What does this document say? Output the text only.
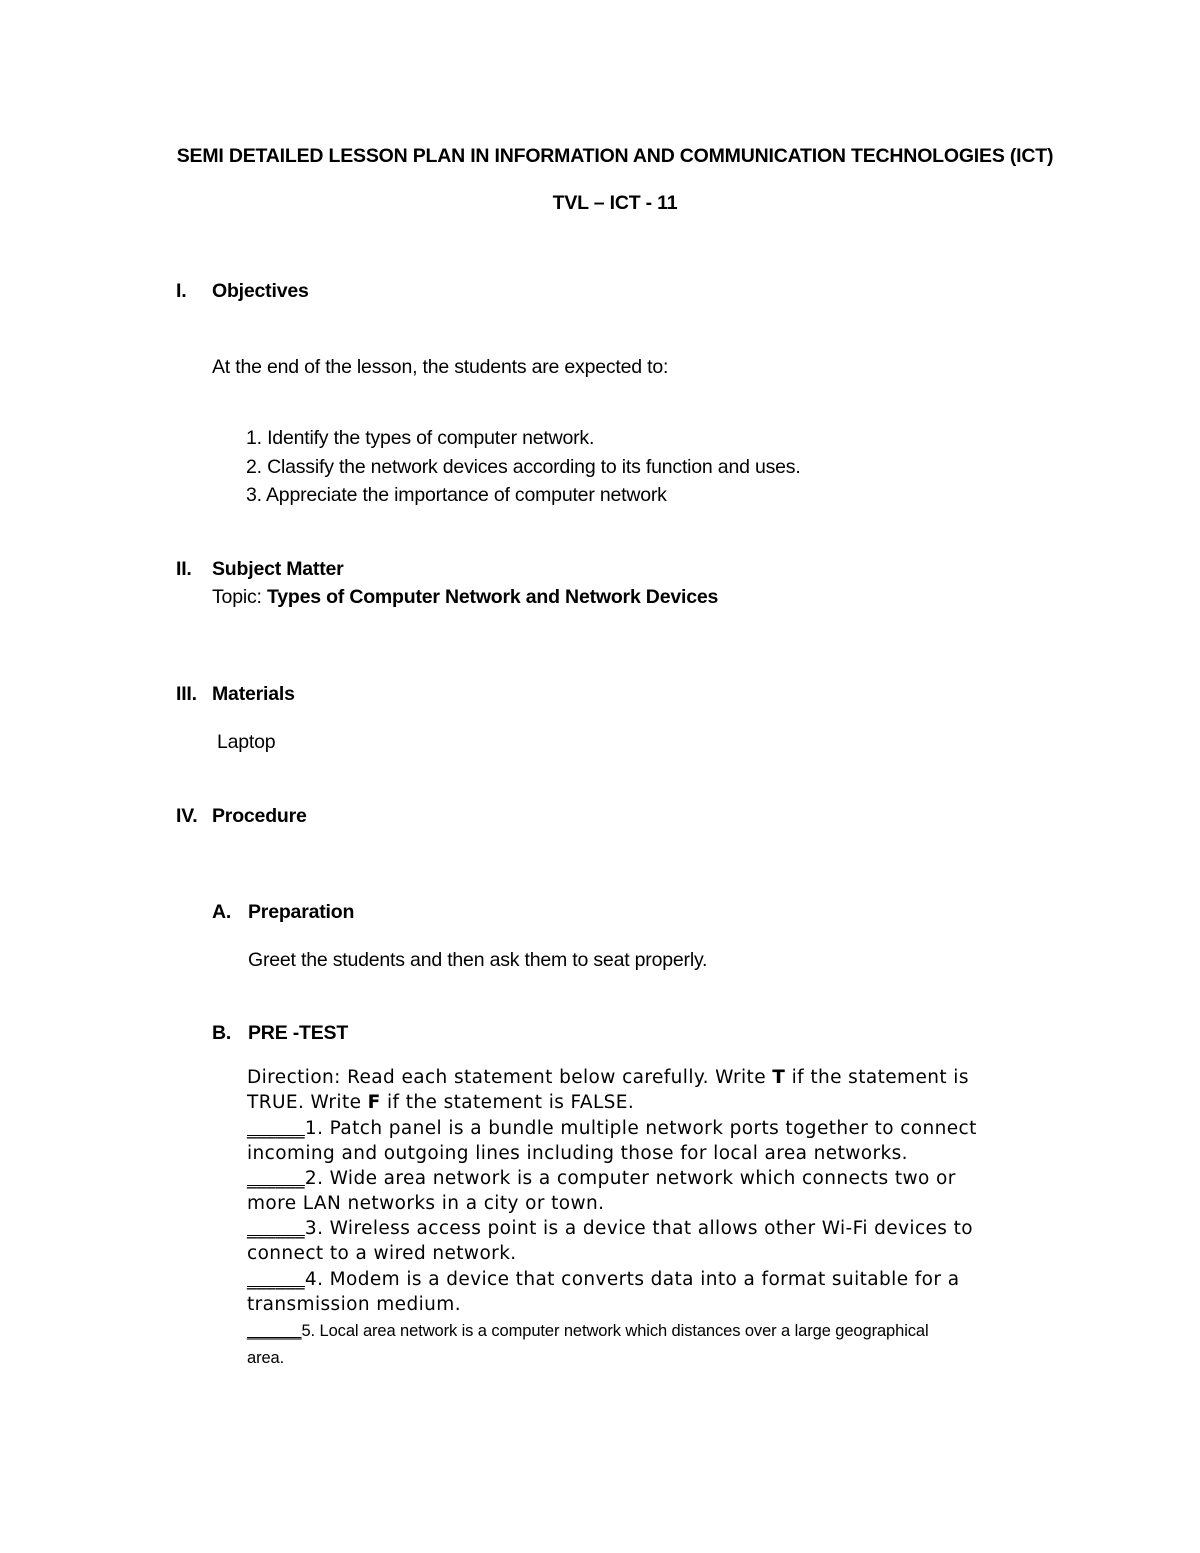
SEMI DETAILED LESSON PLAN IN INFORMATION AND COMMUNICATION TECHNOLOGIES (ICT)
TVL – ICT - 11
I. Objectives
At the end of the lesson, the students are expected to:
1. Identify the types of computer network.
2. Classify the network devices according to its function and uses.
3. Appreciate the importance of computer network
II. Subject Matter
Topic: Types of Computer Network and Network Devices
III. Materials
Laptop
IV. Procedure
A. Preparation
Greet the students and then ask them to seat properly.
B. PRE -TEST
Direction: Read each statement below carefully. Write T if the statement is
TRUE. Write F if the statement is FALSE.
______1. Patch panel is a bundle multiple network ports together to connect
incoming and outgoing lines including those for local area networks.
______2. Wide area network is a computer network which connects two or
more LAN networks in a city or town.
______3. Wireless access point is a device that allows other Wi-Fi devices to
connect to a wired network.
______4. Modem is a device that converts data into a format suitable for a
transmission medium.
______5. Local area network is a computer network which distances over a large geographical
area.
